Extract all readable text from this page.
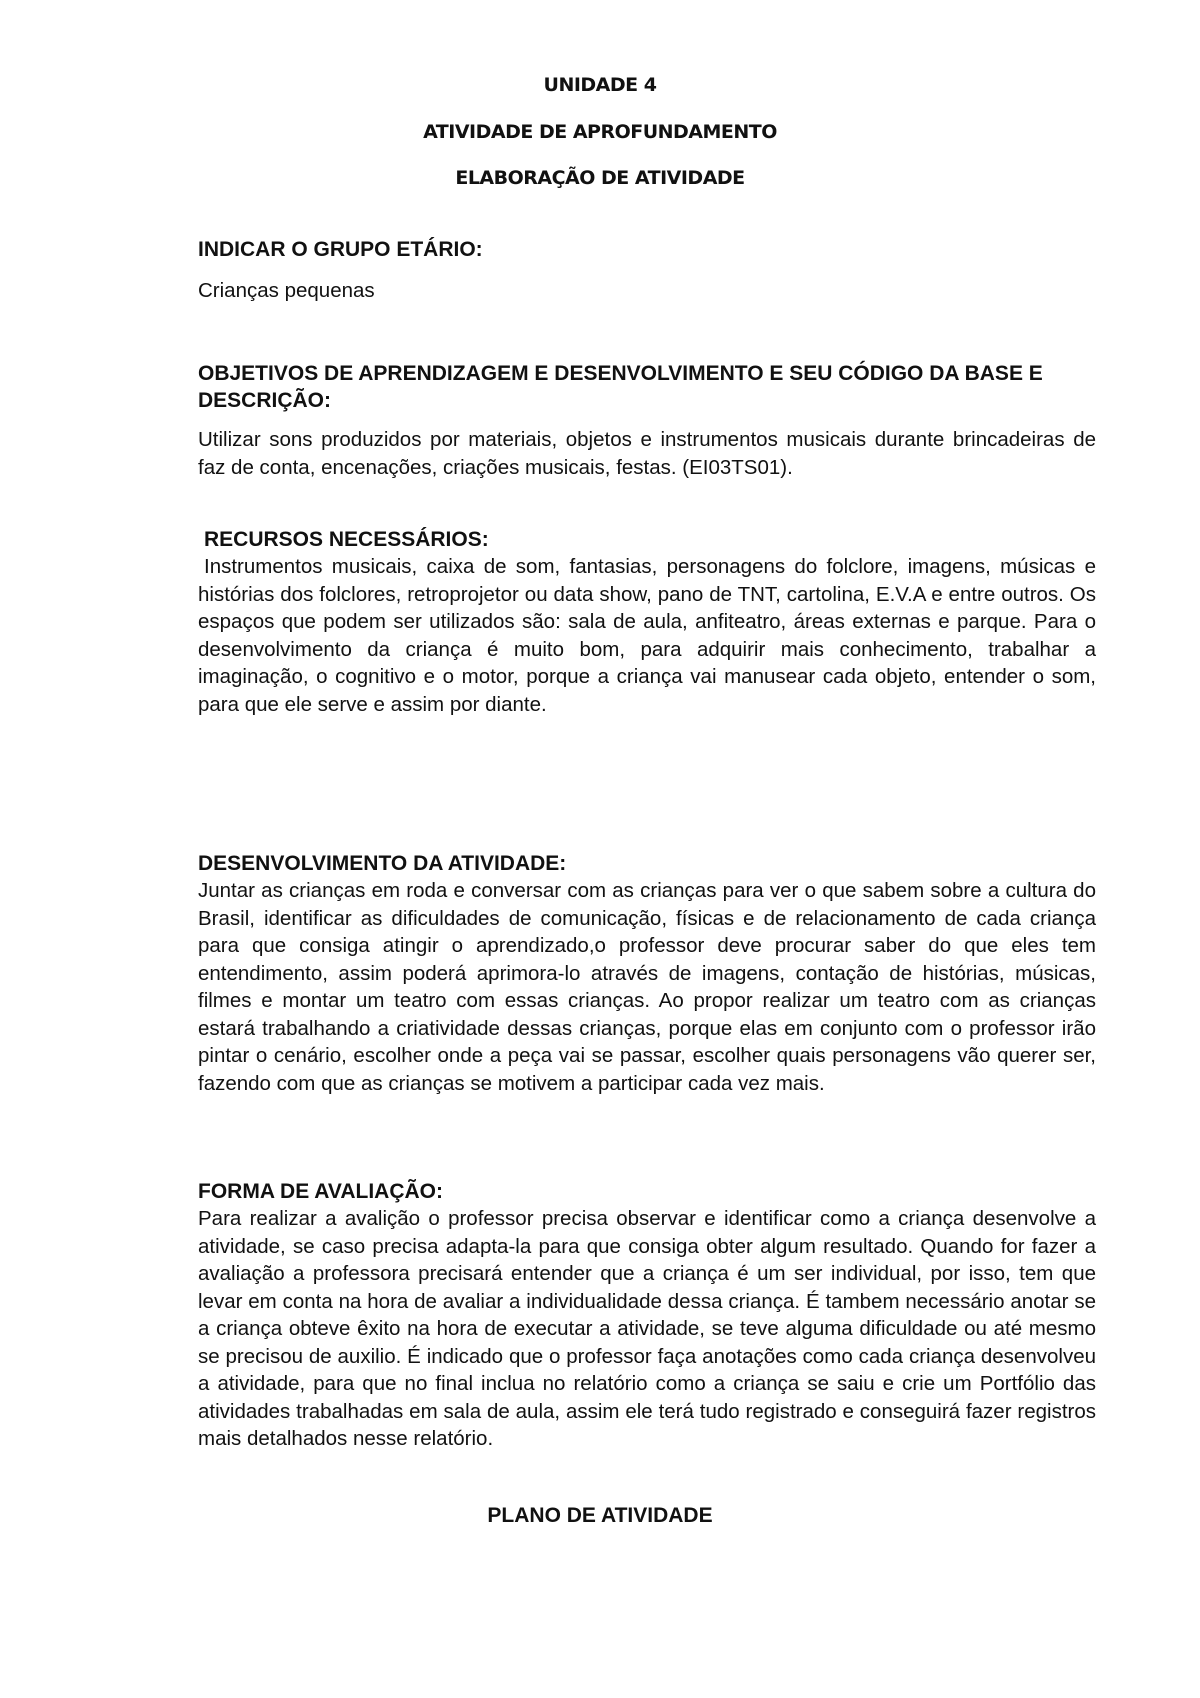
UNIDADE 4
ATIVIDADE DE APROFUNDAMENTO
ELABORAÇÃO DE ATIVIDADE
INDICAR O GRUPO ETÁRIO:
Crianças pequenas
OBJETIVOS DE APRENDIZAGEM E DESENVOLVIMENTO E SEU CÓDIGO DA BASE E DESCRIÇÃO:
Utilizar sons produzidos por materiais, objetos e instrumentos musicais durante brincadeiras de faz de conta, encenações, criações musicais, festas. (EI03TS01).
RECURSOS NECESSÁRIOS:
Instrumentos musicais, caixa de som, fantasias, personagens do folclore, imagens, músicas e histórias dos folclores, retroprojetor ou data show, pano de TNT, cartolina, E.V.A e entre outros. Os espaços que podem ser utilizados são: sala de aula, anfiteatro, áreas externas e parque. Para o desenvolvimento da criança é muito bom, para adquirir mais conhecimento, trabalhar a imaginação, o cognitivo e o motor, porque a criança vai manusear cada objeto, entender o som, para que ele serve e assim por diante.
DESENVOLVIMENTO DA ATIVIDADE:
Juntar as crianças em roda e conversar com as crianças para ver o que sabem sobre a cultura do Brasil, identificar as dificuldades de comunicação, físicas e de relacionamento de cada criança para que consiga atingir o aprendizado,o professor deve procurar saber do que eles tem entendimento, assim poderá aprimora-lo através de imagens, contação de histórias, músicas, filmes e montar um teatro com essas crianças. Ao propor realizar um teatro com as crianças estará trabalhando a criatividade dessas crianças, porque elas em conjunto com o professor irão pintar o cenário, escolher onde a peça vai se passar, escolher quais personagens vão querer ser, fazendo com que as crianças se motivem a participar cada vez mais.
FORMA DE AVALIAÇÃO:
Para realizar a avalição o professor precisa observar e identificar como a criança desenvolve a atividade, se caso precisa adapta-la para que consiga obter algum resultado. Quando for fazer a avaliação a professora precisará entender que a criança é um ser individual, por isso, tem que levar em conta na hora de avaliar a individualidade dessa criança. É tambem necessário anotar se a criança obteve êxito na hora de executar a atividade, se teve alguma dificuldade ou até mesmo se precisou de auxilio. É indicado que o professor faça anotações como cada criança desenvolveu a atividade, para que no final inclua no relatório como a criança se saiu e crie um Portfólio das atividades trabalhadas em sala de aula, assim ele terá tudo registrado e conseguirá fazer registros mais detalhados nesse relatório.
PLANO DE ATIVIDADE
